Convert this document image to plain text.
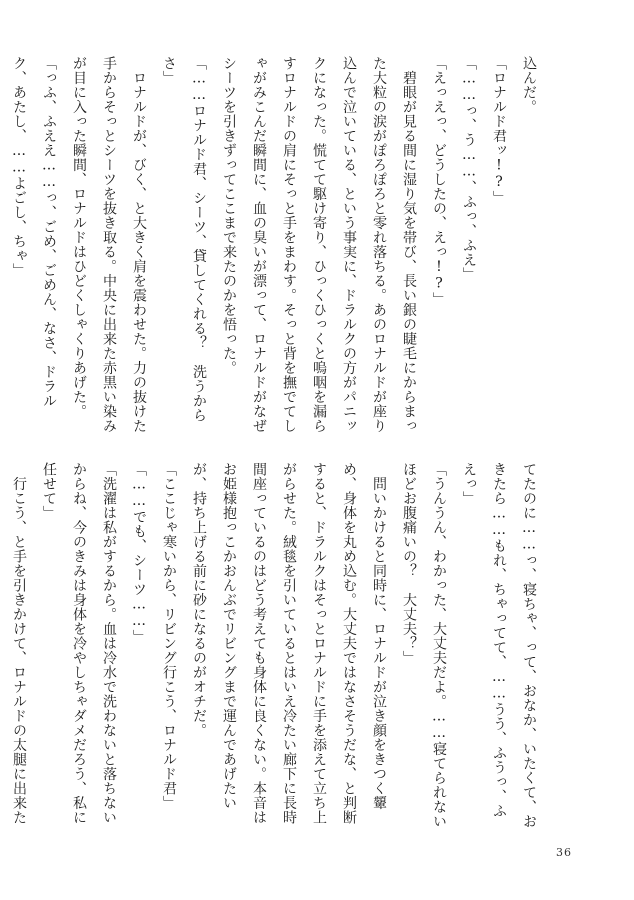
込んだ。
「ロナルド君ッ!?」
「……っ、う……、ふっ、ふえ」
「えっえっ、どうしたの、えっ!?」
　碧眼が見る間に湿り気を帯び、長い銀の睫毛にからまった大粒の涙がぽろぽろと零れ落ちる。あのロナルドが座り込んで泣いている、という事実に、ドラルクの方がパニックになった。慌てて駆け寄り、ひっくひっくと嗚咽を漏らすロナルドの肩にそっと手をまわす。そっと背を撫でてしゃがみこんだ瞬間に、血の臭いが漂って、ロナルドがなぜシーツを引きずってここまで来たのかを悟った。
「……ロナルド君、シーツ、貸してくれる？　洗うからさ」
　ロナルドが、びく、と大きく肩を震わせた。力の抜けた手からそっとシーツを抜き取る。中央に出来た赤黒い染みが目に入った瞬間、ロナルドはひどくしゃくりあげた。
「っふ、ふええ……っ、ごめ、ごめん、なさ、ドラルク、あたし、……よごし、ちゃ」
てたのに……っ、寝ちゃ、って、おなか、いたくて、おきたら……もれ、ちゃってて、……うう、ふうっ、ふえっ」
「うんうん、わかった、大丈夫だよ。……寝てられないほどお腹痛いの？　大丈夫？」
　問いかけると同時に、ロナルドが泣き顔をきつく顰め、身体を丸め込む。大丈夫ではなさそうだな、と判断すると、ドラルクはそっとロナルドに手を添えて立ち上がらせた。絨毯を引いているとはいえ冷たい廊下に長時間座っているのはどう考えても身体に良くない。本音はお姫様抱っこかおんぶでリビングまで運んであげたいが、持ち上げる前に砂になるのがオチだ。
「ここじゃ寒いから、リビング行こう、ロナルド君」
「……でも、シーツ……」
「洗濯は私がするから。血は冷水で洗わないと落ちないからね、今のきみは身体を冷やしちゃダメだろう、私に任せて」
　行こう、と手を引きかけて、ロナルドの太腿に出来た
36
